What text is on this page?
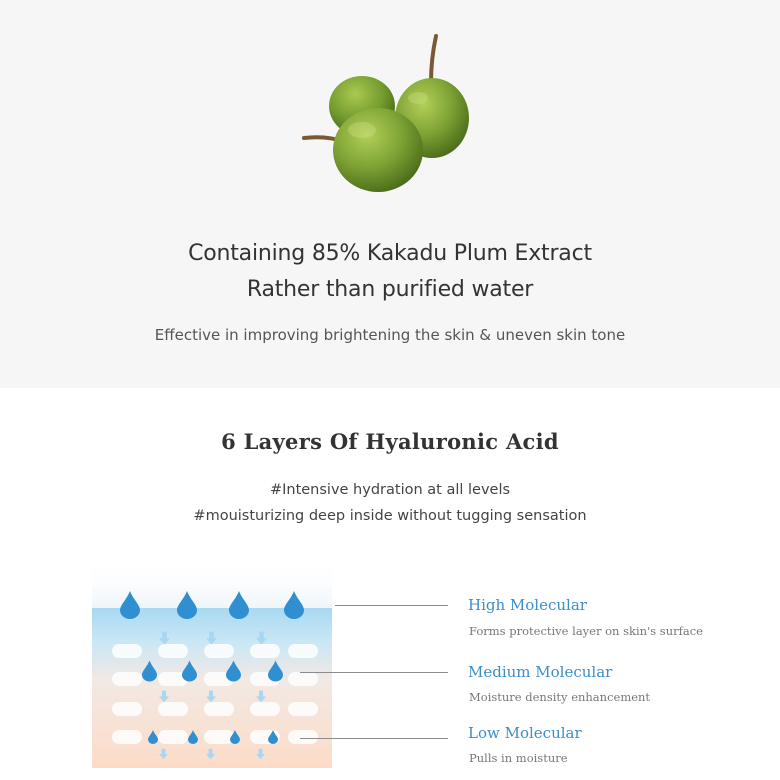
Containing 85% Kakadu Plum Extract
Rather than purified water
Effective in improving brightening the skin & uneven skin tone
6 Layers Of Hyaluronic Acid
#Intensive hydration at all levels
#mouisturizing deep inside without tugging sensation
High Molecular
Forms protective layer on skin's surface
Medium Molecular
Moisture density enhancement
Low Molecular
Pulls in moisture
